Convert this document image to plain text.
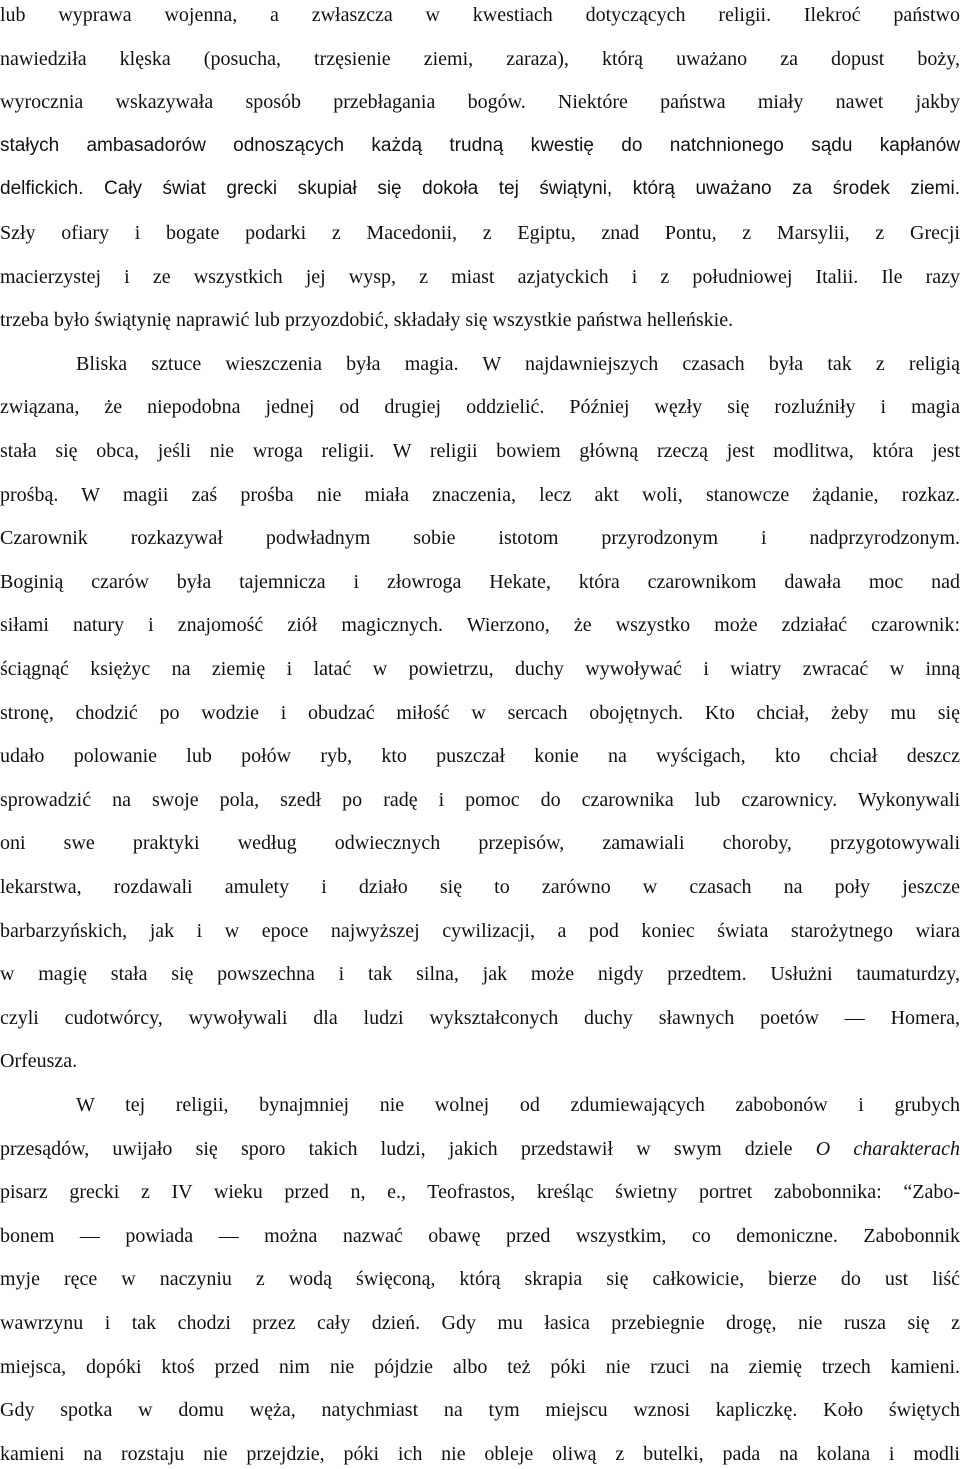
lub wyprawa wojenna, a zwłaszcza w kwestiach dotyczących religii. Ilekroć państwo
nawiedziła klęska (posucha, trzęsienie ziemi, zaraza), którą uważano za dopust boży,
wyrocznia wskazywała sposób przebłagania bogów. Niektóre państwa miały nawet jakby
stałych ambasadorów odnoszących każdą trudną kwestię do natchnionego sądu kapłanów
delfickich. Cały świat grecki skupiał się dokoła tej świątyni, którą uważano za środek ziemi.
Szły ofiary i bogate podarki z Macedonii, z Egiptu, znad Pontu, z Marsylii, z Grecji
macierzystej i ze wszystkich jej wysp, z miast azjatyckich i z południowej Italii. Ile razy
trzeba było świątynię naprawić lub przyozdobić, składały się wszystkie państwa helleńskie.
Bliska sztuce wieszczenia była magia. W najdawniejszych czasach była tak z religią
związana, że niepodobna jednej od drugiej oddzielić. Później węzły się rozluźniły i magia
stała się obca, jeśli nie wroga religii. W religii bowiem główną rzeczą jest modlitwa, która jest
prośbą. W magii zaś prośba nie miała znaczenia, lecz akt woli, stanowcze żądanie, rozkaz.
Czarownik rozkazywał podwładnym sobie istotom przyrodzonym i nadprzyrodzonym.
Boginią czarów była tajemnicza i złowroga Hekate, która czarownikom dawała moc nad
siłami natury i znajomość ziół magicznych. Wierzono, że wszystko może zdziałać czarownik:
ściągnąć księżyc na ziemię i latać w powietrzu, duchy wywoływać i wiatry zwracać w inną
stronę, chodzić po wodzie i obudzać miłość w sercach obojętnych. Kto chciał, żeby mu się
udało polowanie lub połów ryb, kto puszczał konie na wyścigach, kto chciał deszcz
sprowadzić na swoje pola, szedł po radę i pomoc do czarownika lub czarownicy. Wykonywali
oni swe praktyki według odwiecznych przepisów, zamawiali choroby, przygotowywali
lekarstwa, rozdawali amulety i działo się to zarówno w czasach na poły jeszcze
barbarzyńskich, jak i w epoce najwyższej cywilizacji, a pod koniec świata starożytnego wiara
w magię stała się powszechna i tak silna, jak może nigdy przedtem. Usłużni taumaturdzy,
czyli cudotwórcy, wywoływali dla ludzi wykształconych duchy sławnych poetów — Homera,
Orfeusza.
W tej religii, bynajmniej nie wolnej od zdumiewających zabobonów i grubych
przesądów, uwijało się sporo takich ludzi, jakich przedstawił w swym dziele O charakterach
pisarz grecki z IV wieku przed n, e., Teofrastos, kreśląc świetny portret zabobonnika: “Zabo-
bonem — powiada — można nazwać obawę przed wszystkim, co demoniczne. Zabobonnik
myje ręce w naczyniu z wodą święconą, którą skrapia się całkowicie, bierze do ust liść
wawrzynu i tak chodzi przez cały dzień. Gdy mu łasica przebiegnie drogę, nie rusza się z
miejsca, dopóki ktoś przed nim nie pójdzie albo też póki nie rzuci na ziemię trzech kamieni.
Gdy spotka w domu węża, natychmiast na tym miejscu wznosi kapliczkę. Koło świętych
kamieni na rozstaju nie przejdzie, póki ich nie obleje oliwą z butelki, pada na kolana i modli
